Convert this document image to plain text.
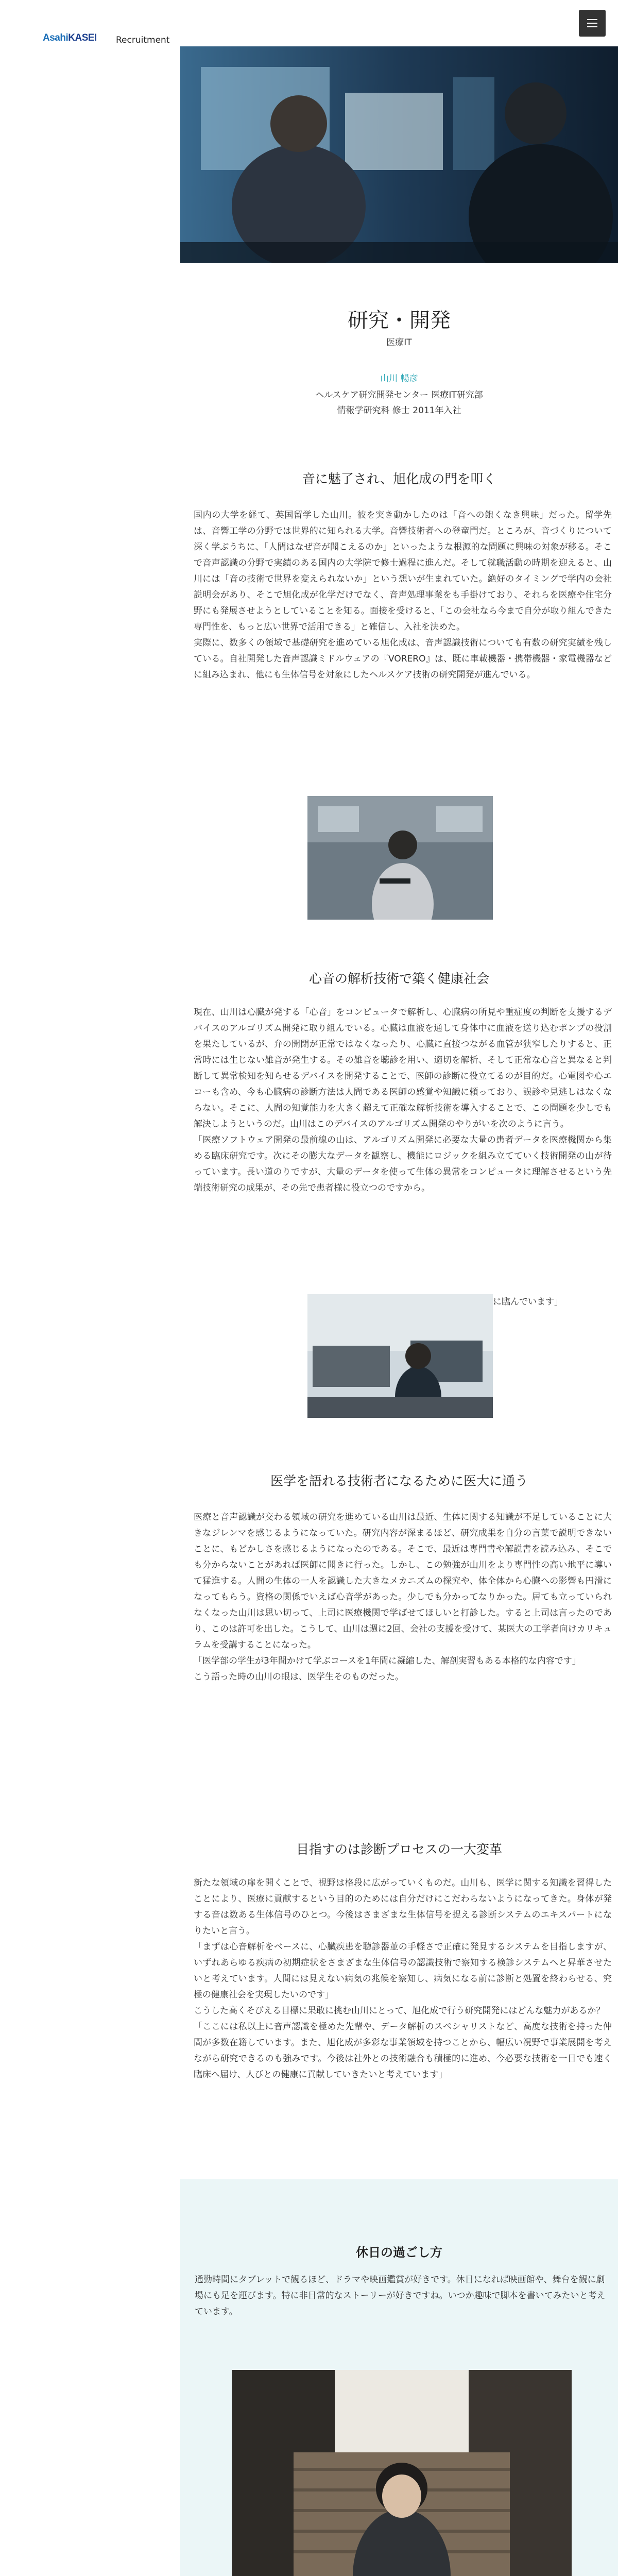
AsahiKASEI Recruitment
研究・開発
医療IT
山川 暢彦
ヘルスケア研究開発センター 医療IT研究部
情報学研究科 修士 2011年入社
音に魅了され、旭化成の門を叩く
国内の大学を経て、英国留学した山川。彼を突き動かしたのは「音への飽くなき興味」だった。留学先は、音響工学の分野では世界的に知られる大学。音響技術者への登竜門だ。ところが、音づくりについて深く学ぶうちに、「人間はなぜ音が聞こえるのか」といったような根源的な問題に興味の対象が移る。そこで音声認識の分野で実績のある国内の大学院で修士過程に進んだ。そして就職活動の時期を迎えると、山川には「音の技術で世界を変えられないか」という想いが生まれていた。絶好のタイミングで学内の会社説明会があり、そこで旭化成が化学だけでなく、音声処理事業をも手掛けており、それらを医療や住宅分野にも発展させようとしていることを知る。面接を受けると、「この会社なら今まで自分が取り組んできた専門性を、もっと広い世界で活用できる」と確信し、入社を決めた。
実際に、数多くの領域で基礎研究を進めている旭化成は、音声認識技術についても有数の研究実績を残している。自社開発した音声認識ミドルウェアの『VORERO』は、既に車載機器・携帯機器・家電機器などに組み込まれ、他にも生体信号を対象にしたヘルスケア技術の研究開発が進んでいる。
心音の解析技術で築く健康社会
現在、山川は心臓が発する「心音」をコンピュータで解析し、心臓病の所見や重症度の判断を支援するデバイスのアルゴリズム開発に取り組んでいる。心臓は血液を通して身体中に血液を送り込むポンプの役割を果たしているが、弁の開閉が正常ではなくなったり、心臓に直接つながる血管が狭窄したりすると、正常時には生じない雑音が発生する。その雑音を聴診を用い、適切を解析、そして正常な心音と異なると判断して異常検知を知らせるデバイスを開発することで、医師の診断に役立てるのが目的だ。心電図や心エコーも含め、今も心臓病の診断方法は人間である医師の感覚や知識に頼っており、誤診や見逃しはなくならない。そこに、人間の知覚能力を大きく超えて正確な解析技術を導入することで、この問題を少しでも解決しようというのだ。山川はこのデバイスのアルゴリズム開発のやりがいを次のように言う。
「医療ソフトウェア開発の最前線の山は、アルゴリズム開発に必要な大量の患者データを医療機関から集める臨床研究です。次にその膨大なデータを観察し、機能にロジックを組み立てていく技術開発の山が待っています。長い道のりですが、大量のデータを使って生体の異常をコンピュータに理解させるという先端技術研究の成果が、その先で患者様に役立つのですから。
に臨んでいます」
医学を語れる技術者になるために医大に通う
医療と音声認識が交わる領域の研究を進めている山川は最近、生体に関する知識が不足していることに大きなジレンマを感じるようになっていた。研究内容が深まるほど、研究成果を自分の言葉で説明できないことに、もどかしさを感じるようになったのである。そこで、最近は専門書や解説書を読み込み、そこでも分からないことがあれば医師に聞きに行った。しかし、この勉強が山川をより専門性の高い地平に導いて猛進する。人間の生体の一人を認識した大きなメカニズムの探究や、体全体から心臓への影響も円滑になってもらう。資格の関係でいえば心音学があった。少しでも分かってなりかった。居ても立っていられなくなった山川は思い切って、上司に医療機関で学ばせてほしいと打診した。すると上司は言ったのであり、このは許可を出した。こうして、山川は週に2回、会社の支援を受けて、某医大の工学者向けカリキュラムを受講することになった。
「医学部の学生が3年間かけて学ぶコースを1年間に凝縮した、解剖実習もある本格的な内容です」
こう語った時の山川の眼は、医学生そのものだった。
目指すのは診断プロセスの一大変革
新たな領域の扉を開くことで、視野は格段に広がっていくものだ。山川も、医学に関する知識を習得したことにより、医療に貢献するという目的のためには自分だけにこだわらないようになってきた。身体が発する音は数ある生体信号のひとつ。今後はさまざまな生体信号を捉える診断システムのエキスパートになりたいと言う。
「まずは心音解析をベースに、心臓疾患を聴診器並の手軽さで正確に発見するシステムを目指しますが、いずれあらゆる疾病の初期症状をさまざまな生体信号の認識技術で察知する検診システムへと昇華させたいと考えています。人間には見えない病気の兆候を察知し、病気になる前に診断と処置を終わらせる、究極の健康社会を実現したいのです」
こうした高くそびえる目標に果敢に挑む山川にとって、旭化成で行う研究開発にはどんな魅力があるか？
「ここには私以上に音声認識を極めた先輩や、データ解析のスペシャリストなど、高度な技術を持った仲間が多数在籍しています。また、旭化成が多彩な事業領域を持つことから、幅広い視野で事業展開を考えながら研究できるのも強みです。今後は社外との技術融合も積極的に進め、今必要な技術を一日でも速く臨床へ届け、人びとの健康に貢献していきたいと考えています」
休日の過ごし方
通勤時間にタブレットで観るほど、ドラマや映画鑑賞が好きです。休日になれば映画館や、舞台を観に劇場にも足を運びます。特に非日常的なストーリーが好きですね。いつか趣味で脚本を書いてみたいと考えています。
